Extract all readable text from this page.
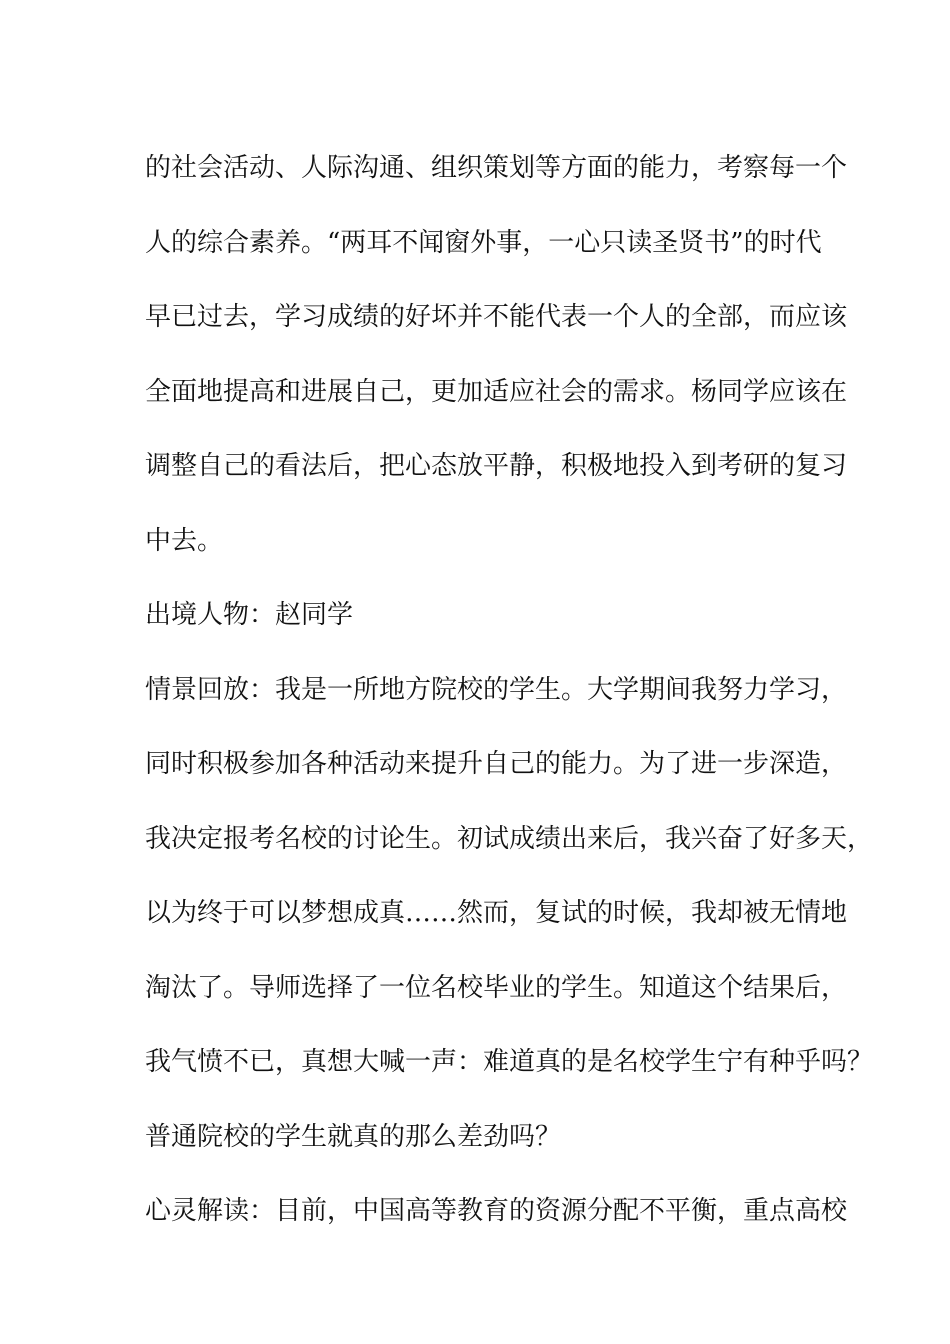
的社会活动、人际沟通、组织策划等方面的能力，考察每一个
人的综合素养。“两耳不闻窗外事，一心只读圣贤书”的时代
早已过去，学习成绩的好坏并不能代表一个人的全部，而应该
全面地提高和进展自己，更加适应社会的需求。杨同学应该在
调整自己的看法后，把心态放平静，积极地投入到考研的复习
中去。
出境人物：赵同学
情景回放：我是一所地方院校的学生。大学期间我努力学习，
同时积极参加各种活动来提升自己的能力。为了进一步深造，
我决定报考名校的讨论生。初试成绩出来后，我兴奋了好多天，
以为终于可以梦想成真……然而，复试的时候，我却被无情地
淘汰了。导师选择了一位名校毕业的学生。知道这个结果后，
我气愤不已，真想大喊一声：难道真的是名校学生宁有种乎吗？
普通院校的学生就真的那么差劲吗？
心灵解读：目前，中国高等教育的资源分配不平衡，重点高校
